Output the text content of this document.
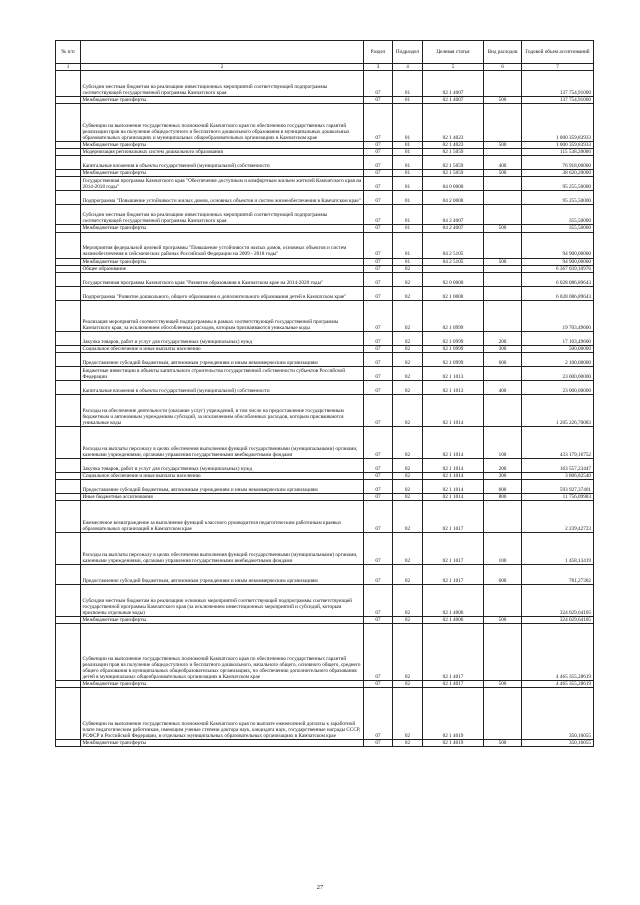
№ п/п		Раздел	Подраздел	Целевая статья	Вид расходов	Годовой объем ассигнований
1	2	3	4	5	6	7
	Субсидии местным бюджетам на реализацию инвестиционных мероприятий соответствующей подпрограммы соответствующей государственной программы Камчатского края	07	01	02 1 4007		137 754,91000
	Межбюджетные трансферты	07	01	02 1 4007	500	137 754,91000
	Субвенции на выполнение государственных полномочий Камчатского края по обеспечению государственных гарантий реализации прав на получение общедоступного и бесплатного дошкольного образования в муниципальных дошкольных образовательных организациях и муниципальных общеобразовательных организациях в Камчатском крае	07	01	02 1 4023		1 000 359,83933
	Межбюджетные трансферты	07	01	02 1 4023	500	1 000 359,83933
	Модернизация региональных систем дошкольного образования	07	01	02 1 5059		115 538,20000
	Капитальные вложения в объекты государственной (муниципальной) собственности	07	01	02 1 5059	400	76 918,00000
	Межбюджетные трансферты	07	01	02 1 5059	500	38 620,20000
	Государственная программа Камчатского края "Обеспечение доступным и комфортным жильем жителей Камчатского края на 2014-2018 годы"	07	01	04 0 0000		95 255,50000
	Подпрограмма "Повышение устойчивости жилых домов, основных объектов и систем жизнеобеспечения в Камчатском крае"	07	01	04 2 0000		95 255,50000
	Субсидии местным бюджетам на реализацию инвестиционных мероприятий соответствующей подпрограммы соответствующей государственной программы Камчатского края	07	01	04 2 4007		355,50000
	Межбюджетные трансферты	07	01	04 2 4007	500	355,50000
	Мероприятия федеральной целевой программы "Повышение устойчивости жилых домов, основных объектов и систем жизнеобеспечения в сейсмических районах Российской Федерации на 2009 - 2018 годы"	07	01	04 2 5105		94 900,00000
	Межбюджетные трансферты	07	01	04 2 5105	500	94 900,00000
	Общее образование	07	02			6 367 039,10976
	Государственная программа Камчатского края "Развитие образования в Камчатском крае на 2014-2020 годы"	07	02	02 0 0000		6 028 086,89643
	Подпрограмма "Развитие дошкольного, общего образования и дополнительного образования детей в Камчатском крае"	07	02	02 1 0000		6 028 086,89643
	Реализация мероприятий соответствующей подпрограммы в рамках соответствующей государственной программы Камчатского края, за исключением обособленных расходов, которым присваиваются уникальные коды	07	02	02 1 0999		19 703,49600
	Закупка товаров, работ и услуг для государственных (муниципальных) нужд	07	02	02 1 0999	200	17 103,49600
	Социальное обеспечение и иные выплаты населению	07	02	02 1 0999	300	500,00000
	Предоставление субсидий бюджетным, автономным учреждениям и иным некоммерческим организациям	07	02	02 1 0999	600	2 100,00000
	Бюджетные инвестиции в объекты капитального строительства государственной собственности субъектов Российской Федерации	07	02	02 1 1013		23 000,00000
	Капитальные вложения в объекты государственной (муниципальной) собственности	07	02	02 1 1013	400	23 000,00000
	Расходы на обеспечение деятельности (оказание услуг) учреждений, в том числе на предоставление государственным бюджетным и автономным учреждениям субсидий, за исключением обособленных расходов, которым присваиваются уникальные коды	07	02	02 1 1014		1 205 226,70083
	Расходы на выплаты персоналу в целях обеспечения выполнения функций государственными (муниципальными) органами, казенными учреждениями, органами управления государственными внебюджетными фондами	07	02	02 1 1014	100	433 179,16752
	Закупка товаров, работ и услуг для государственных (муниципальных) нужд	07	02	02 1 1014	200	163 557,23447
	Социальное обеспечение и иные выплаты населению	07	02	02 1 1014	300	3 806,82540
	Предоставление субсидий бюджетным, автономным учреждениям и иным некоммерческим организациям	07	02	02 1 1014	600	593 927,37401
	Иные бюджетные ассигнования	07	02	02 1 1014	800	11 756,09903
	Ежемесячное вознаграждение за выполнение функций классного руководителя педагогическим работникам краевых образовательных организаций в Камчатском крае	07	02	02 1 1017		2 239,42723
	Расходы на выплаты персоналу в целях обеспечения выполнения функций государственными (муниципальными) органами, казенными учреждениями, органами управления государственными внебюджетными фондами	07	02	02 1 1017	100	1 458,13419
	Предоставление субсидий бюджетным, автономным учреждениям и иным некоммерческим организациям	07	02	02 1 1017	600	781,27302
	Субсидии местным бюджетам на реализацию основных мероприятий соответствующей подпрограммы соответствующей государственной программы Камчатского края (за исключением инвестиционных мероприятий и субсидий, которым присвоены отдельные коды)	07	02	02 1 4006		324 029,64105
	Межбюджетные трансферты	07	02	02 1 4006	500	324 029,64105
	Субвенции на выполнение государственных полномочий Камчатского края по обеспечению государственных гарантий реализации прав на получение общедоступного и бесплатного дошкольного, начального общего, основного общего, среднего общего образования в муниципальных общеобразовательных организациях, по обеспечению дополнительного образования детей в муниципальных общеобразовательных организациях в Камчатском крае	07	02	02 1 4017		4 465 355,28619
	Межбюджетные трансферты	07	02	02 1 4017	500	4 465 355,28619
	Субвенции на выполнение государственных полномочий Камчатского края по выплате ежемесячной доплаты к заработной плате педагогическим работникам, имеющим ученые степени доктора наук, кандидата наук, государственные награды СССР, РСФСР и Российской Федерации, в отдельных муниципальных образовательных организациях в Камчатском крае	07	02	02 1 4019		350,16055
	Межбюджетные трансферты	07	02	02 1 4019	500	350,16055
27
